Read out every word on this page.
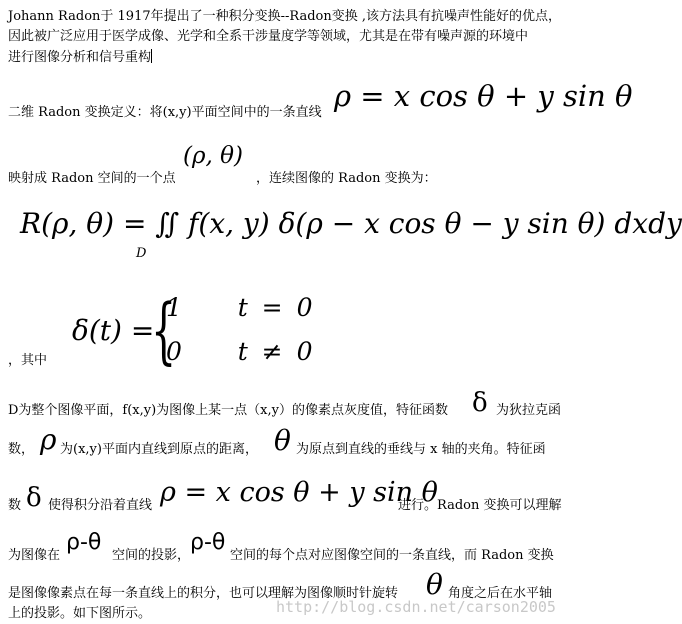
Johann Radon于 1917年提出了一种积分变换--Radon变换 ,该方法具有抗噪声性能好的优点，
因此被广泛应用于医学成像、光学和全系干涉量度学等领域，尤其是在带有噪声源的环境中
进行图像分析和信号重构
二维 Radon 变换定义：将(x,y)平面空间中的一条直线 ρ = x cos θ + y sin θ
(ρ, θ)
映射成 Radon 空间的一个点	，连续图像的 Radon 变换为：
R(ρ, θ) = ∬ f(x, y) δ(ρ − x cos θ − y sin θ) dxdy
D
δ(t) =
{
1    t = 0
0    t ≠ 0
，其中
D为整个图像平面，f(x,y)为图像上某一点（x,y）的像素点灰度值，特征函数 δ 为狄拉克函
数， ρ 为(x,y)平面内直线到原点的距离， θ 为原点到直线的垂线与 x 轴的夹角。特征函
数 δ 使得积分沿着直线 ρ = x cos θ + y sin θ
进行。Radon 变换可以理解
为图像在
ρ-θ
空间的投影，
ρ-θ
空间的每个点对应图像空间的一条直线，而 Radon 变换
是图像像素点在每一条直线上的积分，也可以理解为图像顺时针旋转 θ 角度之后在水平轴
上的投影。如下图所示。	http://blog.csdn.net/carson2005
